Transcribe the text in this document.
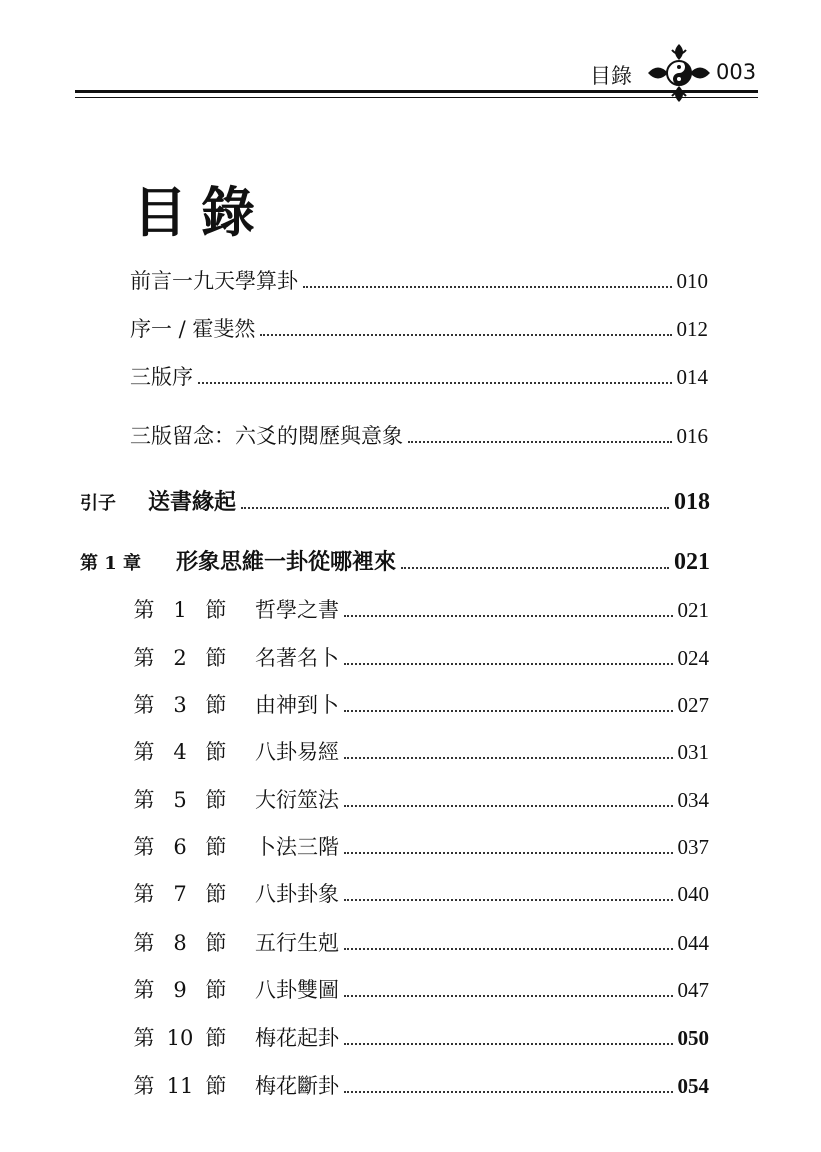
目錄	003
目錄
前言一九天學算卦	010
序一 / 霍斐然	012
三版序	014
三版留念：六爻的閱歷與意象	016
引子	送書緣起	018
第 1 章	形象思維一卦從哪裡來	021
第 1 節	哲學之書	021
第 2 節	名著名卜	024
第 3 節	由神到卜	027
第 4 節	八卦易經	031
第 5 節	大衍筮法	034
第 6 節	卜法三階	037
第 7 節	八卦卦象	040
第 8 節	五行生剋	044
第 9 節	八卦雙圖	047
第 10 節	梅花起卦	050
第 11 節	梅花斷卦	054
